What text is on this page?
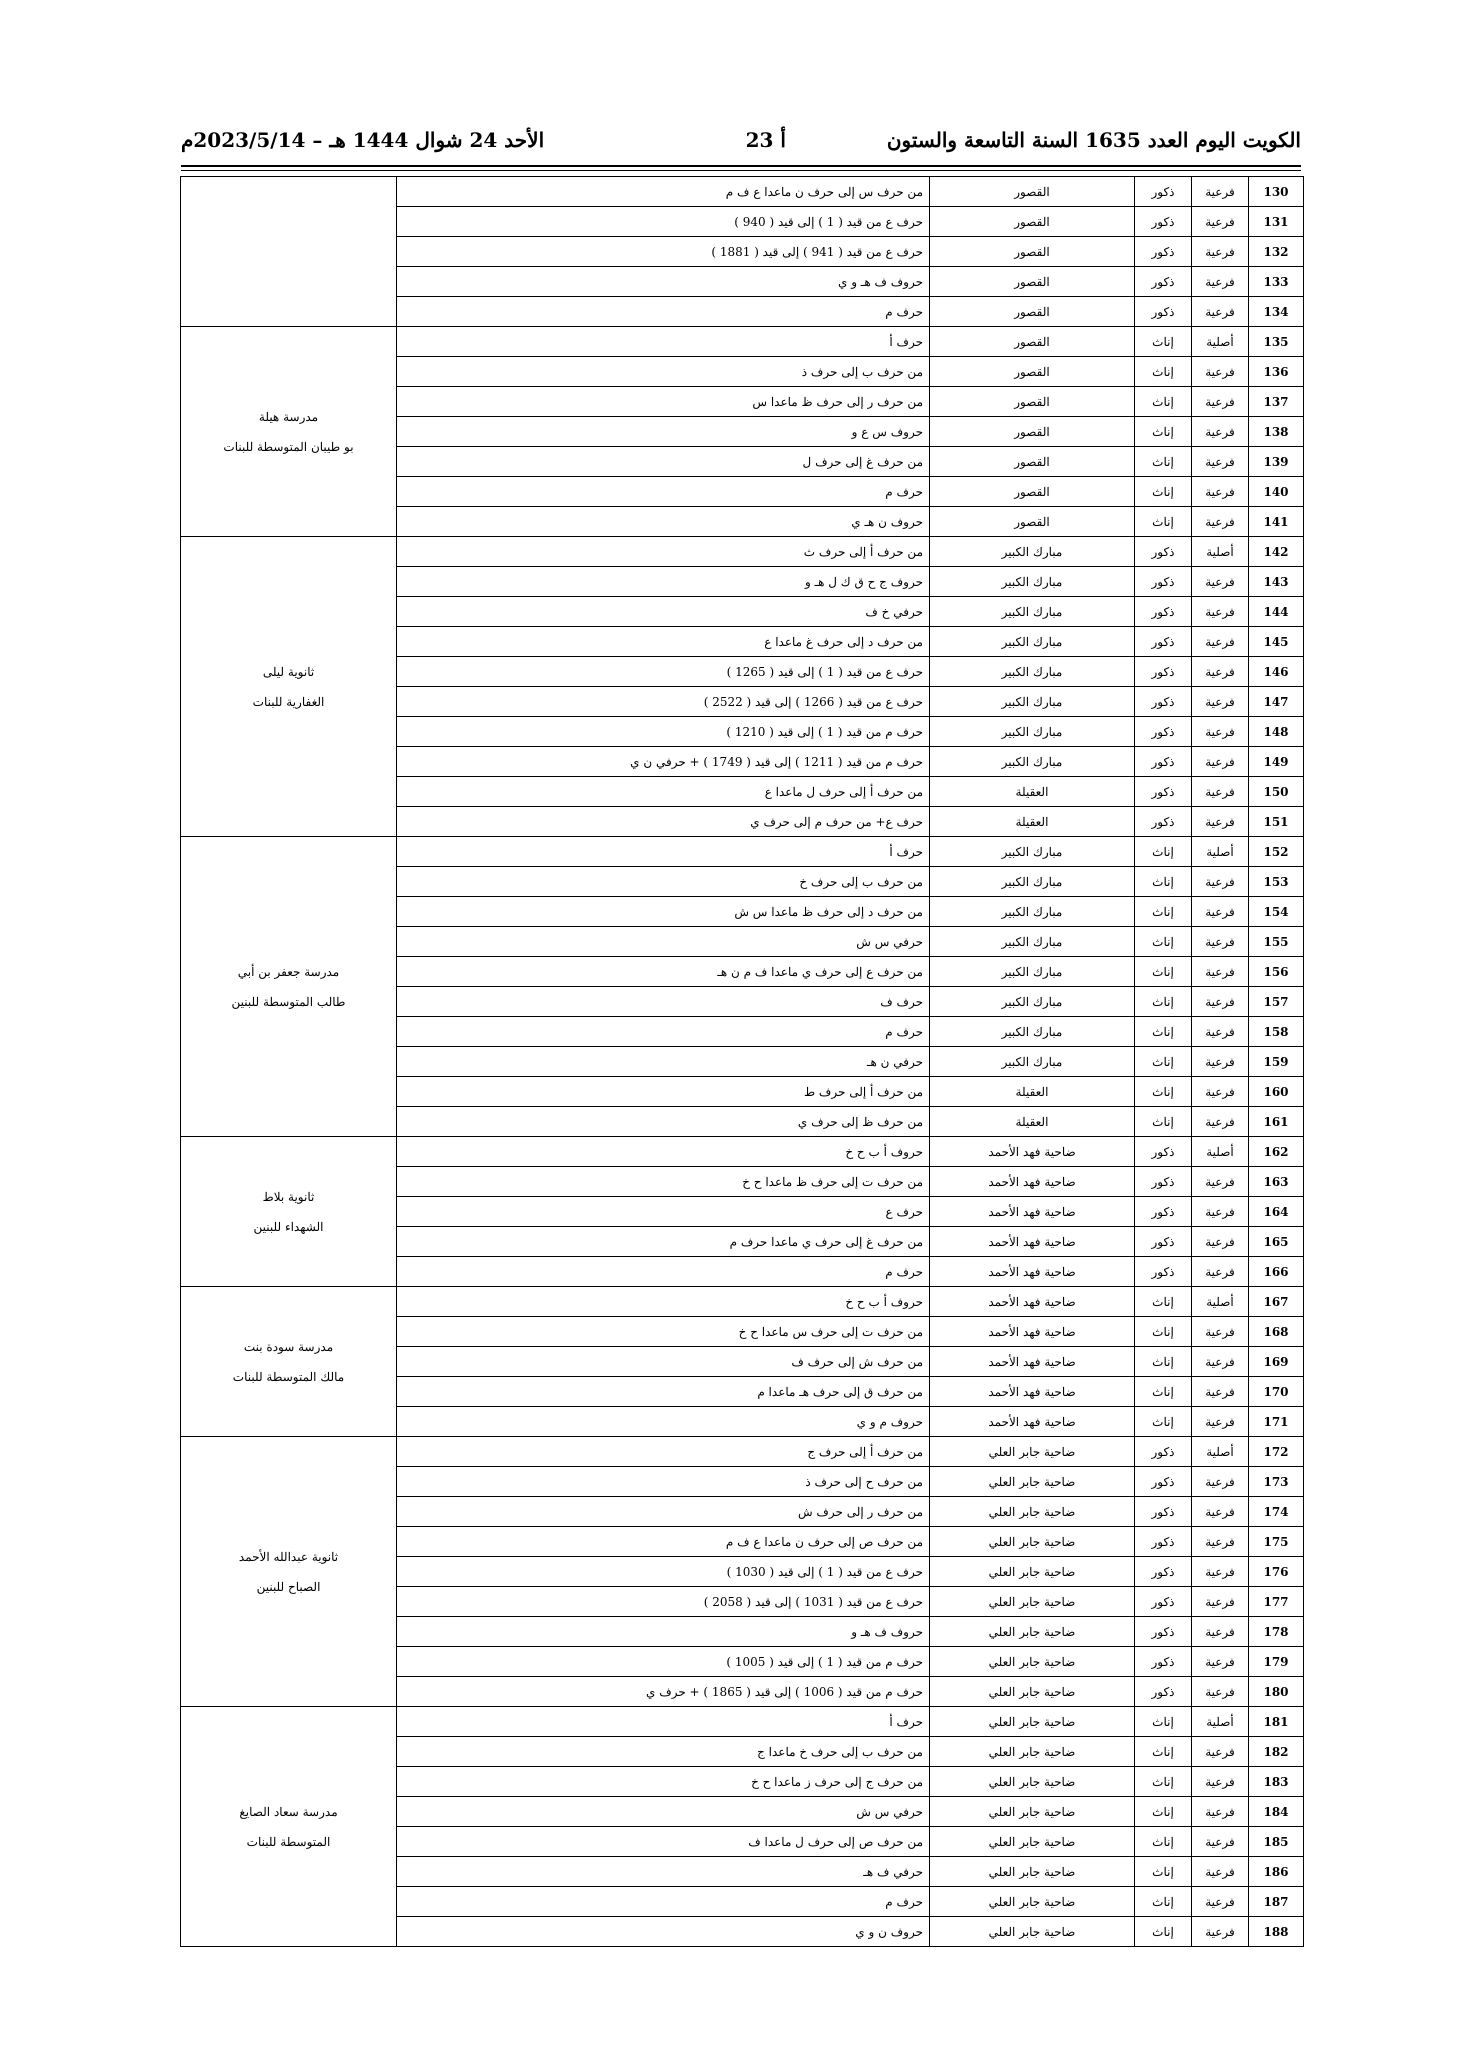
الكويت اليوم العدد 1635 السنة التاسعة والستون
أ 23
الأحد 24 شوال 1444 هـ – 2023/5/14م
130	فرعية	ذكور	القصور	من حرف س إلى حرف ن ماعدا ع ف م	
131	فرعية	ذكور	القصور	حرف ع من قيد ( 1 ) إلى قيد ( 940 )	
132	فرعية	ذكور	القصور	حرف ع من قيد ( 941 ) إلى قيد ( 1881 )	
133	فرعية	ذكور	القصور	حروف ف هـ و ي	
134	فرعية	ذكور	القصور	حرف م	
135	أصلية	إناث	القصور	حرف أ	مدرسة هيلة
بو طيبان المتوسطة للبنات

136	فرعية	إناث	القصور	من حرف ب إلى حرف ذ	
137	فرعية	إناث	القصور	من حرف ر إلى حرف ظ ماعدا س	
138	فرعية	إناث	القصور	حروف س ع و	
139	فرعية	إناث	القصور	من حرف غ إلى حرف ل	
140	فرعية	إناث	القصور	حرف م	
141	فرعية	إناث	القصور	حروف ن هـ ي	
142	أصلية	ذكور	مبارك الكبير	من حرف أ إلى حرف ث	ثانوية ليلى
الغفارية للبنات

143	فرعية	ذكور	مبارك الكبير	حروف ج ح ق ك ل هـ و	
144	فرعية	ذكور	مبارك الكبير	حرفي خ ف	
145	فرعية	ذكور	مبارك الكبير	من حرف د إلى حرف غ ماعدا ع	
146	فرعية	ذكور	مبارك الكبير	حرف ع من قيد ( 1 ) إلى قيد ( 1265 )	
147	فرعية	ذكور	مبارك الكبير	حرف ع من قيد ( 1266 ) إلى قيد ( 2522 )	
148	فرعية	ذكور	مبارك الكبير	حرف م من قيد ( 1 ) إلى قيد ( 1210 )	
149	فرعية	ذكور	مبارك الكبير	حرف م من قيد ( 1211 ) إلى قيد ( 1749 ) + حرفي ن ي	
150	فرعية	ذكور	العقيلة	من حرف أ إلى حرف ل ماعدا ع	
151	فرعية	ذكور	العقيلة	حرف ع+ من حرف م إلى حرف ي	
152	أصلية	إناث	مبارك الكبير	حرف أ	مدرسة جعفر بن أبي
طالب المتوسطة للبنين

153	فرعية	إناث	مبارك الكبير	من حرف ب إلى حرف خ	
154	فرعية	إناث	مبارك الكبير	من حرف د إلى حرف ظ ماعدا س ش	
155	فرعية	إناث	مبارك الكبير	حرفي س ش	
156	فرعية	إناث	مبارك الكبير	من حرف ع إلى حرف ي ماعدا ف م ن هـ	
157	فرعية	إناث	مبارك الكبير	حرف ف	
158	فرعية	إناث	مبارك الكبير	حرف م	
159	فرعية	إناث	مبارك الكبير	حرفي ن هـ	
160	فرعية	إناث	العقيلة	من حرف أ إلى حرف ط	
161	فرعية	إناث	العقيلة	من حرف ظ إلى حرف ي	
162	أصلية	ذكور	ضاحية فهد الأحمد	حروف أ ب ح خ	ثانوية بلاط
الشهداء للبنين

163	فرعية	ذكور	ضاحية فهد الأحمد	من حرف ت إلى حرف ظ ماعدا ح خ	
164	فرعية	ذكور	ضاحية فهد الأحمد	حرف ع	
165	فرعية	ذكور	ضاحية فهد الأحمد	من حرف غ إلى حرف ي ماعدا حرف م	
166	فرعية	ذكور	ضاحية فهد الأحمد	حرف م	
167	أصلية	إناث	ضاحية فهد الأحمد	حروف أ ب ح خ	مدرسة سودة بنت
مالك المتوسطة للبنات

168	فرعية	إناث	ضاحية فهد الأحمد	من حرف ت إلى حرف س ماعدا ح خ	
169	فرعية	إناث	ضاحية فهد الأحمد	من حرف ش إلى حرف ف	
170	فرعية	إناث	ضاحية فهد الأحمد	من حرف ق إلى حرف هـ ماعدا م	
171	فرعية	إناث	ضاحية فهد الأحمد	حروف م و ي	
172	أصلية	ذكور	ضاحية جابر العلي	من حرف أ إلى حرف ج	ثانوية عبدالله الأحمد
الصباح للبنين

173	فرعية	ذكور	ضاحية جابر العلي	من حرف ح إلى حرف ذ	
174	فرعية	ذكور	ضاحية جابر العلي	من حرف ر إلى حرف ش	
175	فرعية	ذكور	ضاحية جابر العلي	من حرف ص إلى حرف ن ماعدا ع ف م	
176	فرعية	ذكور	ضاحية جابر العلي	حرف ع من قيد ( 1 ) إلى قيد ( 1030 )	
177	فرعية	ذكور	ضاحية جابر العلي	حرف ع من قيد ( 1031 ) إلى قيد ( 2058 )	
178	فرعية	ذكور	ضاحية جابر العلي	حروف ف هـ و	
179	فرعية	ذكور	ضاحية جابر العلي	حرف م من قيد ( 1 ) إلى قيد ( 1005 )	
180	فرعية	ذكور	ضاحية جابر العلي	حرف م من قيد ( 1006 ) إلى قيد ( 1865 ) + حرف ي	
181	أصلية	إناث	ضاحية جابر العلي	حرف أ	مدرسة سعاد الصايغ
المتوسطة للبنات

182	فرعية	إناث	ضاحية جابر العلي	من حرف ب إلى حرف خ ماعدا ج	
183	فرعية	إناث	ضاحية جابر العلي	من حرف ج إلى حرف ز ماعدا ح خ	
184	فرعية	إناث	ضاحية جابر العلي	حرفي س ش	
185	فرعية	إناث	ضاحية جابر العلي	من حرف ص إلى حرف ل ماعدا ف	
186	فرعية	إناث	ضاحية جابر العلي	حرفي ف هـ	
187	فرعية	إناث	ضاحية جابر العلي	حرف م	
188	فرعية	إناث	ضاحية جابر العلي	حروف ن و ي	
